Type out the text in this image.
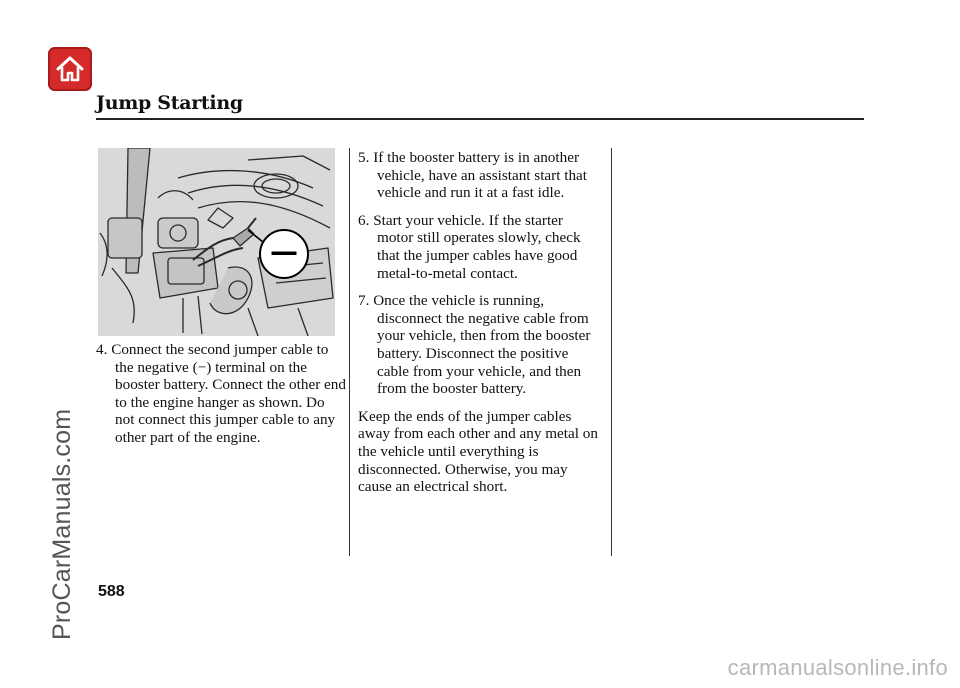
Jump Starting
—

4. Connect the second jumper cable to the negative (−) terminal on the booster battery. Connect the other end to the engine hanger as shown. Do not connect this jumper cable to any other part of the engine.

5. If the booster battery is in another vehicle, have an assistant start that vehicle and run it at a fast idle.

6. Start your vehicle. If the starter motor still operates slowly, check that the jumper cables have good metal-to-metal contact.

7. Once the vehicle is running, disconnect the negative cable from your vehicle, then from the booster battery. Disconnect the positive cable from your vehicle, and then from the booster battery.

Keep the ends of the jumper cables away from each other and any metal on the vehicle until everything is disconnected. Otherwise, you may cause an electrical short.

588
ProCarManuals.com
carmanualsonline.info
